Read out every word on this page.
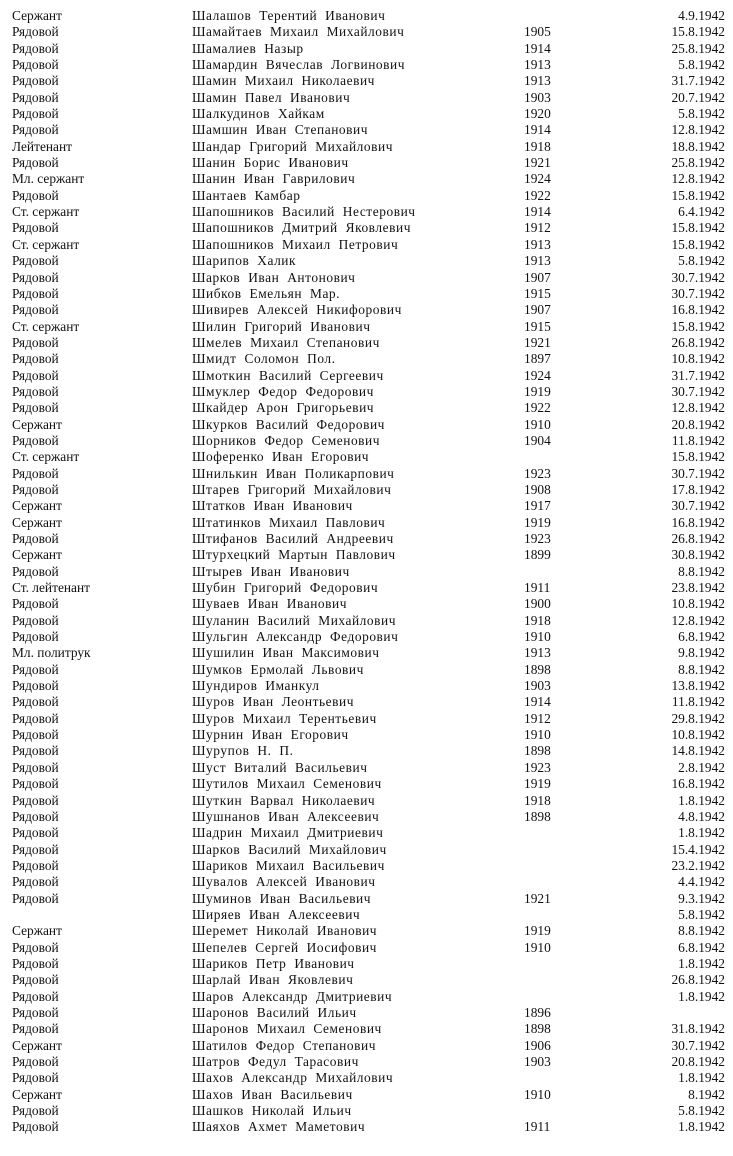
Сержант	Шалашов Терентий Иванович	4.9.1942
Рядовой	Шамайтаев Михаил Михайлович	1905	15.8.1942
Рядовой	Шамалиев Назыр	1914	25.8.1942
Рядовой	Шамардин Вячеслав Логвинович	1913	5.8.1942
Рядовой	Шамин Михаил Николаевич	1913	31.7.1942
Рядовой	Шамин Павел Иванович	1903	20.7.1942
Рядовой	Шалкудинов Хайкам	1920	5.8.1942
Рядовой	Шамшин Иван Степанович	1914	12.8.1942
Лейтенант	Шандар Григорий Михайлович	1918	18.8.1942
Рядовой	Шанин Борис Иванович	1921	25.8.1942
Мл. сержант	Шанин Иван Гаврилович	1924	12.8.1942
Рядовой	Шантаев Камбар	1922	15.8.1942
Ст. сержант	Шапошников Василий Нестерович	1914	6.4.1942
Рядовой	Шапошников Дмитрий Яковлевич	1912	15.8.1942
Ст. сержант	Шапошников Михаил Петрович	1913	15.8.1942
Рядовой	Шарипов Халик	1913	5.8.1942
Рядовой	Шарков Иван Антонович	1907	30.7.1942
Рядовой	Шибков Емельян Мар.	1915	30.7.1942
Рядовой	Шивирев Алексей Никифорович	1907	16.8.1942
Ст. сержант	Шилин Григорий Иванович	1915	15.8.1942
Рядовой	Шмелев Михаил Степанович	1921	26.8.1942
Рядовой	Шмидт Соломон Пол.	1897	10.8.1942
Рядовой	Шмоткин Василий Сергеевич	1924	31.7.1942
Рядовой	Шмуклер Федор Федорович	1919	30.7.1942
Рядовой	Шкайдер Арон Григорьевич	1922	12.8.1942
Сержант	Шкурков Василий Федорович	1910	20.8.1942
Рядовой	Шорников Федор Семенович	1904	11.8.1942
Ст. сержант	Шоференко Иван Егорович	15.8.1942
Рядовой	Шнилькин Иван Поликарпович	1923	30.7.1942
Рядовой	Штарев Григорий Михайлович	1908	17.8.1942
Сержант	Штатков Иван Иванович	1917	30.7.1942
Сержант	Штатинков Михаил Павлович	1919	16.8.1942
Рядовой	Штифанов Василий Андреевич	1923	26.8.1942
Сержант	Штурхецкий Мартын Павлович	1899	30.8.1942
Рядовой	Штырев Иван Иванович	8.8.1942
Ст. лейтенант	Шубин Григорий Федорович	1911	23.8.1942
Рядовой	Шуваев Иван Иванович	1900	10.8.1942
Рядовой	Шуланин Василий Михайлович	1918	12.8.1942
Рядовой	Шульгин Александр Федорович	1910	6.8.1942
Мл. политрук	Шушилин Иван Максимович	1913	9.8.1942
Рядовой	Шумков Ермолай Львович	1898	8.8.1942
Рядовой	Шундиров Иманкул	1903	13.8.1942
Рядовой	Шуров Иван Леонтьевич	1914	11.8.1942
Рядовой	Шуров Михаил Терентьевич	1912	29.8.1942
Рядовой	Шурнин Иван Егорович	1910	10.8.1942
Рядовой	Шурупов Н. П.	1898	14.8.1942
Рядовой	Шуст Виталий Васильевич	1923	2.8.1942
Рядовой	Шутилов Михаил Семенович	1919	16.8.1942
Рядовой	Шуткин Варвал Николаевич	1918	1.8.1942
Рядовой	Шушнанов Иван Алексеевич	1898	4.8.1942
Рядовой	Шадрин Михаил Дмитриевич	1.8.1942
Рядовой	Шарков Василий Михайлович	15.4.1942
Рядовой	Шариков Михаил Васильевич	23.2.1942
Рядовой	Шувалов Алексей Иванович	4.4.1942
Рядовой	Шуминов Иван Васильевич	1921	9.3.1942
Ширяев Иван Алексеевич	5.8.1942
Сержант	Шеремет Николай Иванович	1919	8.8.1942
Рядовой	Шепелев Сергей Иосифович	1910	6.8.1942
Рядовой	Шариков Петр Иванович	1.8.1942
Рядовой	Шарлай Иван Яковлевич	26.8.1942
Рядовой	Шаров Александр Дмитриевич	1.8.1942
Рядовой	Шаронов Василий Ильич	1896
Рядовой	Шаронов Михаил Семенович	1898	31.8.1942
Сержант	Шатилов Федор Степанович	1906	30.7.1942
Рядовой	Шатров Федул Тарасович	1903	20.8.1942
Рядовой	Шахов Александр Михайлович	1.8.1942
Сержант	Шахов Иван Васильевич	1910	8.1942
Рядовой	Шашков Николай Ильич	5.8.1942
Рядовой	Шаяхов Ахмет Маметович	1911	1.8.1942
